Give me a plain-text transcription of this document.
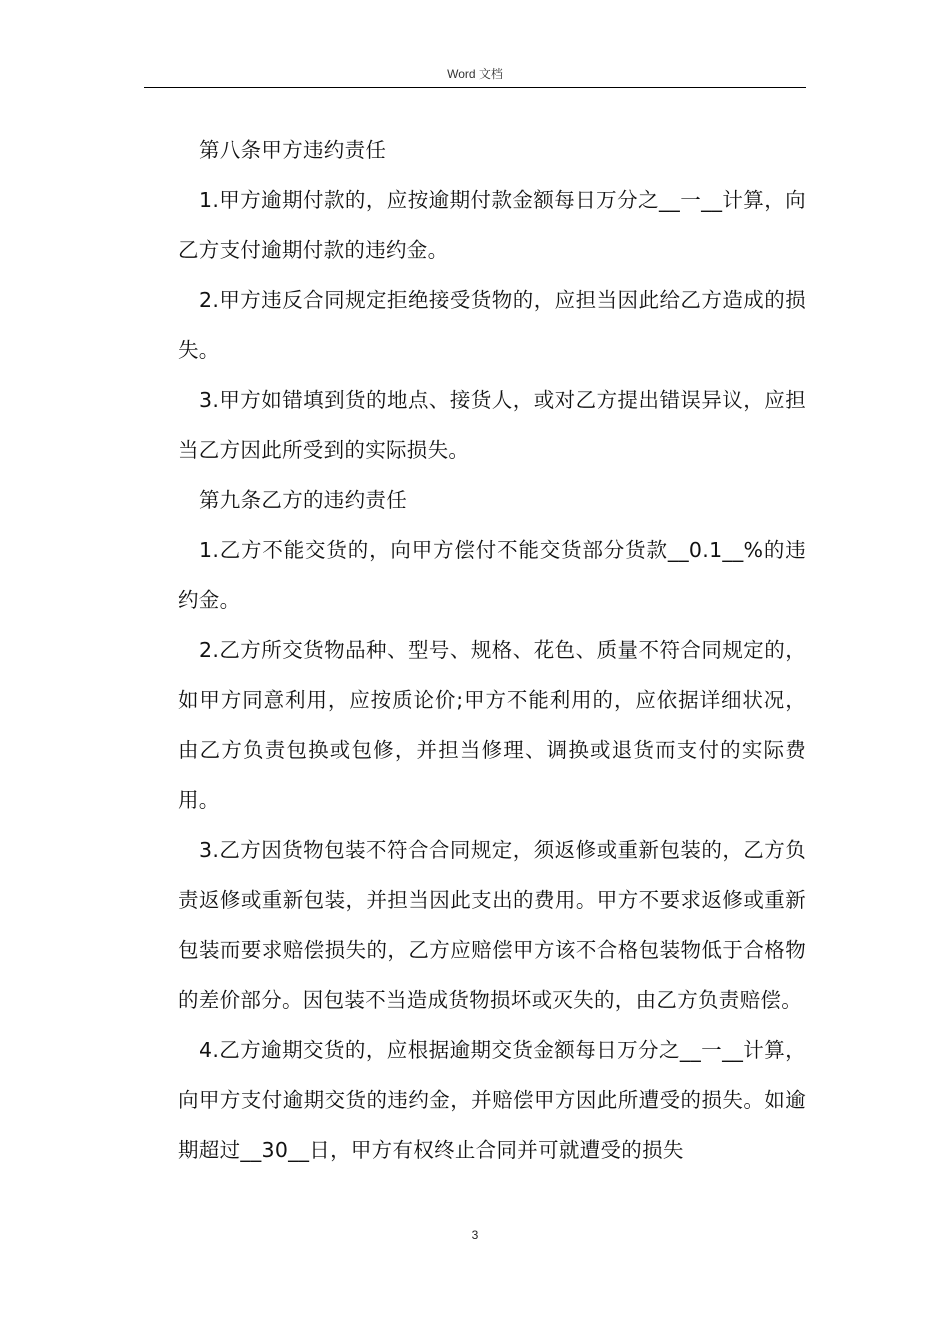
Word 文档

第八条甲方违约责任

1.甲方逾期付款的，应按逾期付款金额每日万分之__一__计算，向乙方支付逾期付款的违约金。

2.甲方违反合同规定拒绝接受货物的，应担当因此给乙方造成的损失。

3.甲方如错填到货的地点、接货人，或对乙方提出错误异议，应担当乙方因此所受到的实际损失。

第九条乙方的违约责任

1.乙方不能交货的，向甲方偿付不能交货部分货款__0.1__%的违约金。

2.乙方所交货物品种、型号、规格、花色、质量不符合同规定的，如甲方同意利用，应按质论价;甲方不能利用的，应依据详细状况，由乙方负责包换或包修，并担当修理、调换或退货而支付的实际费用。

3.乙方因货物包装不符合合同规定，须返修或重新包装的，乙方负责返修或重新包装，并担当因此支出的费用。甲方不要求返修或重新包装而要求赔偿损失的，乙方应赔偿甲方该不合格包装物低于合格物的差价部分。因包装不当造成货物损坏或灭失的，由乙方负责赔偿。

4.乙方逾期交货的，应根据逾期交货金额每日万分之__一__计算，向甲方支付逾期交货的违约金，并赔偿甲方因此所遭受的损失。如逾期超过__30__日，甲方有权终止合同并可就遭受的损失

3
